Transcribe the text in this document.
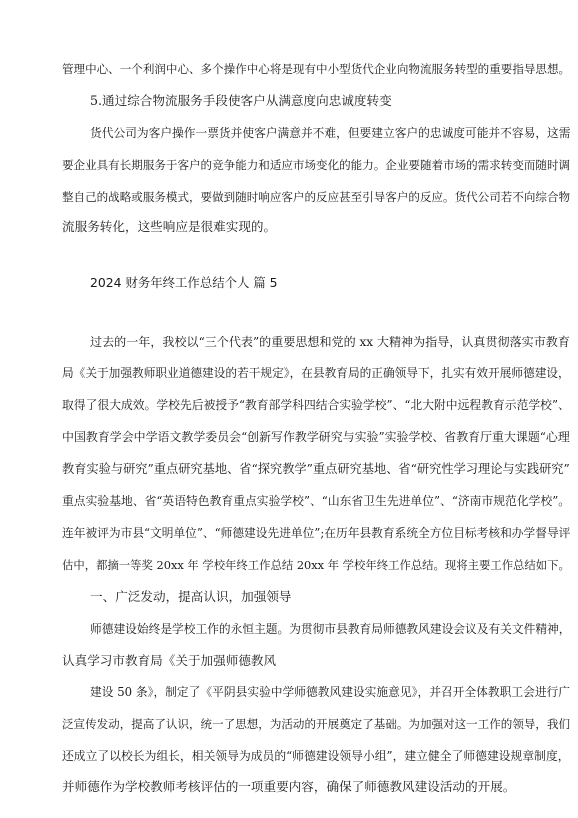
管理中心、一个利润中心、多个操作中心将是现有中小型货代企业向物流服务转型的重要指导思想。
5.通过综合物流服务手段使客户从满意度向忠诚度转变
货代公司为客户操作一票货并使客户满意并不难，但要建立客户的忠诚度可能并不容易，这需
要企业具有长期服务于客户的竞争能力和适应市场变化的能力。企业要随着市场的需求转变而随时调
整自己的战略或服务模式，要做到随时响应客户的反应甚至引导客户的反应。货代公司若不向综合物
流服务转化，这些响应是很难实现的。
2024 财务年终工作总结个人 篇 5
过去的一年，我校以“三个代表”的重要思想和党的 xx 大精神为指导，认真贯彻落实市教育
局《关于加强教师职业道德建设的若干规定》，在县教育局的正确领导下，扎实有效开展师德建设，
取得了很大成效。学校先后被授予“教育部学科四结合实验学校”、“北大附中远程教育示范学校”、
中国教育学会中学语文教学委员会“创新写作教学研究与实验”实验学校、省教育厅重大课题“心理
教育实验与研究”重点研究基地、省“探究教学”重点研究基地、省“研究性学习理论与实践研究”
重点实验基地、省“英语特色教育重点实验学校”、“山东省卫生先进单位”、“济南市规范化学校”。
连年被评为市县“文明单位”、“师德建设先进单位”;在历年县教育系统全方位目标考核和办学督导评
估中，都摘一等奖 20xx 年 学校年终工作总结 20xx 年 学校年终工作总结。现将主要工作总结如下。
一、广泛发动，提高认识，加强领导
师德建设始终是学校工作的永恒主题。为贯彻市县教育局师德教风建设会议及有关文件精神，
认真学习市教育局《关于加强师德教风
建设 50 条》，制定了《平阴县实验中学师德教风建设实施意见》，并召开全体教职工会进行广
泛宣传发动，提高了认识，统一了思想，为活动的开展奠定了基础。为加强对这一工作的领导，我们
还成立了以校长为组长，相关领导为成员的“师德建设领导小组”，建立健全了师德建设规章制度，
并师德作为学校教师考核评估的一项重要内容，确保了师德教风建设活动的开展。
